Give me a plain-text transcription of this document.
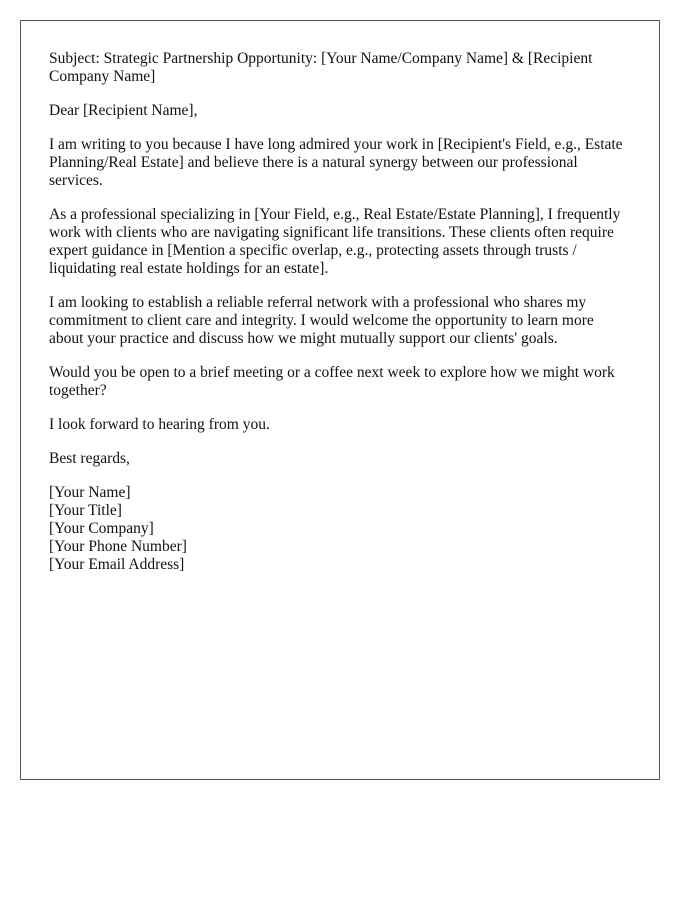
Subject: Strategic Partnership Opportunity: [Your Name/Company Name] & [Recipient Company Name]

Dear [Recipient Name],

I am writing to you because I have long admired your work in [Recipient's Field, e.g., Estate Planning/Real Estate] and believe there is a natural synergy between our professional services.

As a professional specializing in [Your Field, e.g., Real Estate/Estate Planning], I frequently work with clients who are navigating significant life transitions. These clients often require expert guidance in [Mention a specific overlap, e.g., protecting assets through trusts / liquidating real estate holdings for an estate].

I am looking to establish a reliable referral network with a professional who shares my commitment to client care and integrity. I would welcome the opportunity to learn more about your practice and discuss how we might mutually support our clients' goals.

Would you be open to a brief meeting or a coffee next week to explore how we might work together?

I look forward to hearing from you.

Best regards,

[Your Name]
[Your Title]
[Your Company]
[Your Phone Number]
[Your Email Address]
